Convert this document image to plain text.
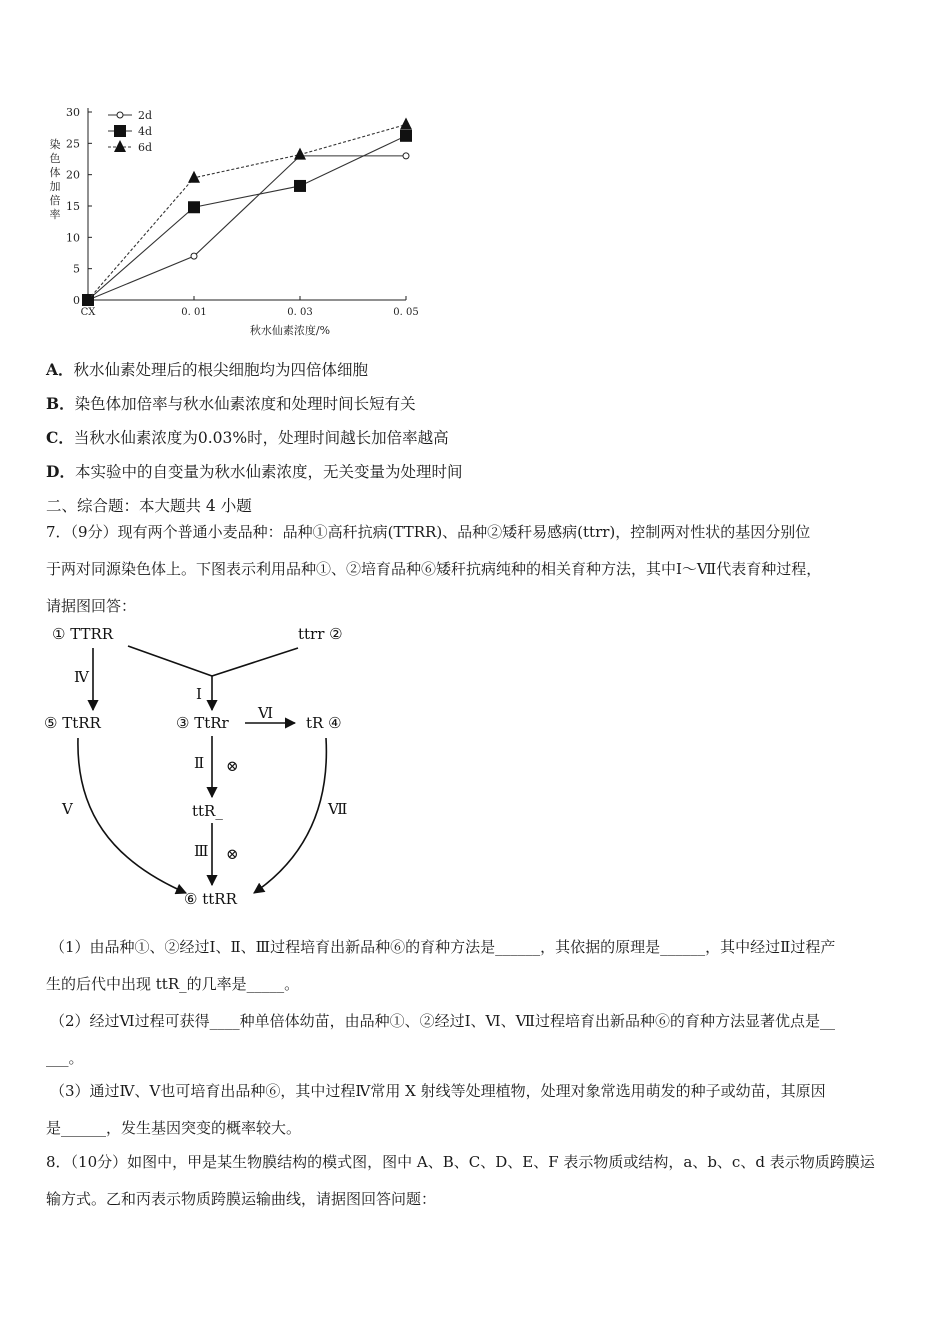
染色体加倍率
0
5
10
15
20
25
30
CX	0. 01	0. 03	0. 05
2d
4d
6d
秋水仙素浓度/%
A．秋水仙素处理后的根尖细胞均为四倍体细胞
B．染色体加倍率与秋水仙素浓度和处理时间长短有关
C．当秋水仙素浓度为0.03%时，处理时间越长加倍率越高
D．本实验中的自变量为秋水仙素浓度，无关变量为处理时间
二、综合题：本大题共 4 小题
7．（9分）现有两个普通小麦品种：品种①高秆抗病(TTRR)、品种②矮秆易感病(ttrr)，控制两对性状的基因分别位
于两对同源染色体上。下图表示利用品种①、②培育品种⑥矮秆抗病纯种的相关育种方法，其中Ⅰ～Ⅶ代表育种过程，
请据图回答：
① TTRR	ttrr ②
⑤ TtRR	③ TtRr	tR ④
ttR_
⑥ ttRR
Ⅳ
Ⅰ
Ⅵ
Ⅱ ⊗
Ⅲ ⊗
Ⅴ	Ⅶ
（1）由品种①、②经过Ⅰ、Ⅱ、Ⅲ过程培育出新品种⑥的育种方法是______，其依据的原理是______，其中经过Ⅱ过程产
生的后代中出现 ttR_的几率是_____。
（2）经过Ⅵ过程可获得____种单倍体幼苗，由品种①、②经过Ⅰ、Ⅵ、Ⅶ过程培育出新品种⑥的育种方法显著优点是__
___。
（3）通过Ⅳ、Ⅴ也可培育出品种⑥，其中过程Ⅳ常用 X 射线等处理植物，处理对象常选用萌发的种子或幼苗，其原因
是______，发生基因突变的概率较大。
8．（10分）如图中，甲是某生物膜结构的模式图，图中 A、B、C、D、E、F 表示物质或结构，a、b、c、d 表示物质跨膜运
输方式。乙和丙表示物质跨膜运输曲线，请据图回答问题：
